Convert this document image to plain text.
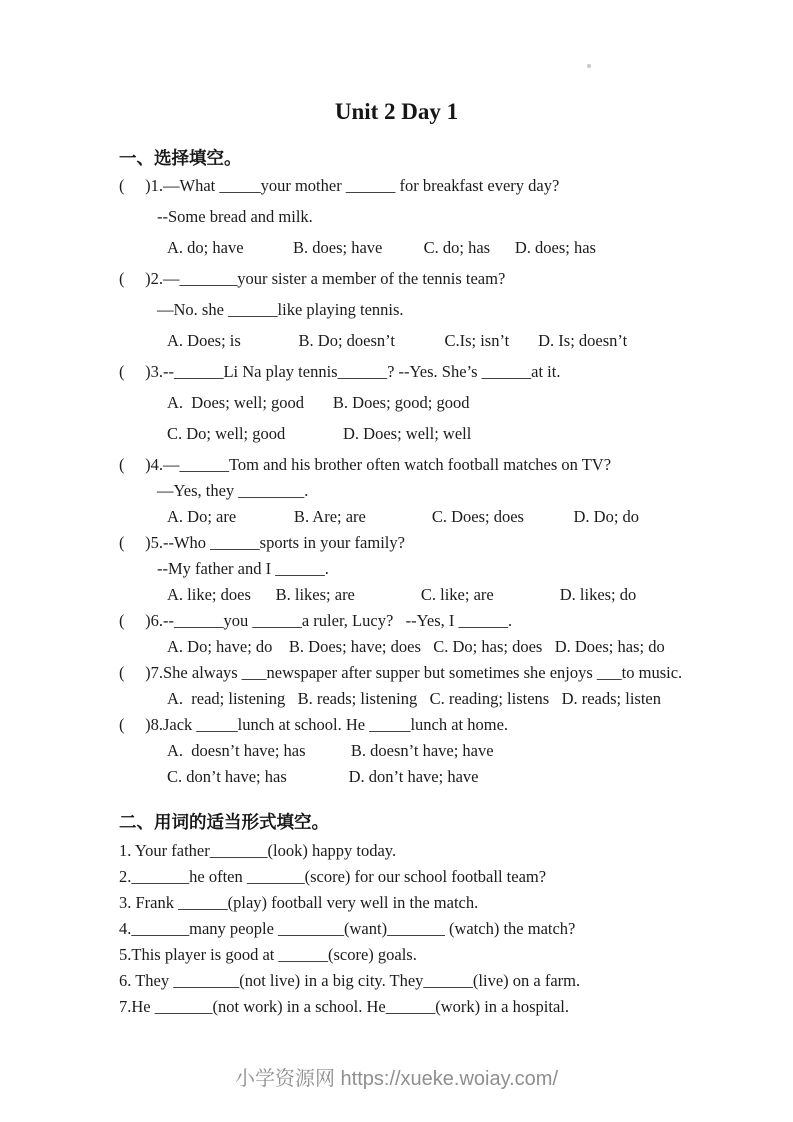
Unit 2 Day 1
一、选择填空。
(     )1.—What _____your mother ______ for breakfast every day?
--Some bread and milk.
A. do; have            B. does; have          C. do; has      D. does; has
(     )2.—_______your sister a member of the tennis team?
—No. she ______like playing tennis.
A. Does; is              B. Do; doesn’t            C.Is; isn’t       D. Is; doesn’t
(     )3.--______Li Na play tennis______? --Yes. She’s ______at it.
A.  Does; well; good       B. Does; good; good
C. Do; well; good              D. Does; well; well
(     )4.—______Tom and his brother often watch football matches on TV?
—Yes, they ________.
A. Do; are              B. Are; are                C. Does; does            D. Do; do
(     )5.--Who ______sports in your family?
--My father and I ______.
A. like; does      B. likes; are                C. like; are                D. likes; do
(     )6.--______you ______a ruler, Lucy?   --Yes, I ______.
A. Do; have; do    B. Does; have; does   C. Do; has; does   D. Does; has; do
(     )7.She always ___newspaper after supper but sometimes she enjoys ___to music.
A.  read; listening   B. reads; listening   C. reading; listens   D. reads; listen
(     )8.Jack _____lunch at school. He _____lunch at home.
A.  doesn’t have; has           B. doesn’t have; have
C. don’t have; has               D. don’t have; have
二、用词的适当形式填空。
1. Your father_______(look) happy today.
2._______he often _______(score) for our school football team?
3. Frank ______(play) football very well in the match.
4._______many people ________(want)_______ (watch) the match?
5.This player is good at ______(score) goals.
6. They ________(not live) in a big city. They______(live) on a farm.
7.He _______(not work) in a school. He______(work) in a hospital.
小学资源网 https://xueke.woiay.com/
